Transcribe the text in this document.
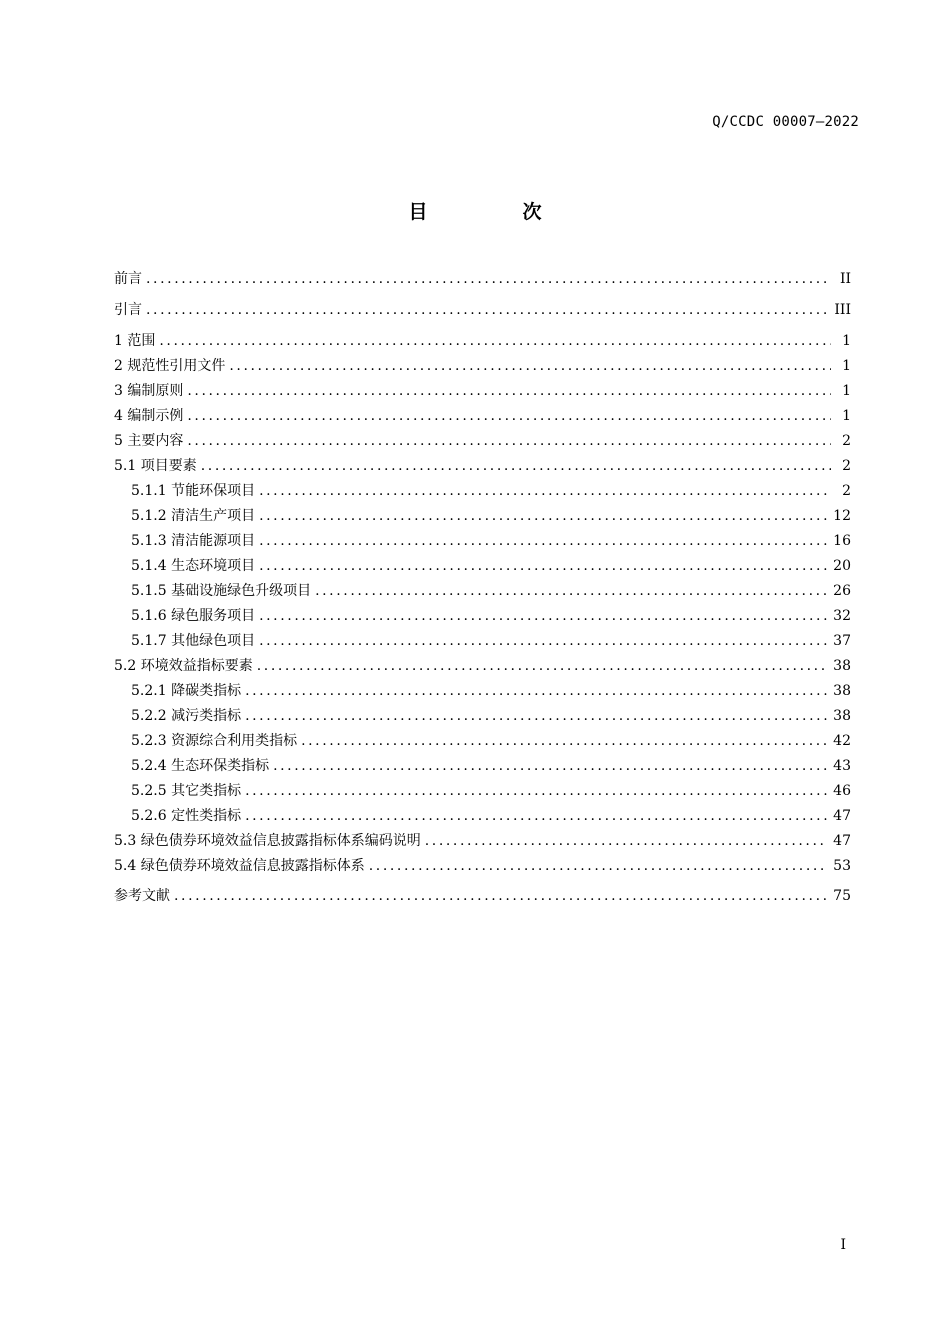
Q/CCDC 00007—2022
目　次
前言 .....	II
引言 .....	III
1 范围 .....	1
2 规范性引用文件 .....	1
3 编制原则 .....	1
4 编制示例 .....	1
5 主要内容 .....	2
5.1 项目要素 .....	2
5.1.1 节能环保项目 .....	2
5.1.2 清洁生产项目 .....	12
5.1.3 清洁能源项目 .....	16
5.1.4 生态环境项目 .....	20
5.1.5 基础设施绿色升级项目 .....	26
5.1.6 绿色服务项目 .....	32
5.1.7 其他绿色项目 .....	37
5.2 环境效益指标要素 .....	38
5.2.1 降碳类指标 .....	38
5.2.2 减污类指标 .....	38
5.2.3 资源综合利用类指标 .....	42
5.2.4 生态环保类指标 .....	43
5.2.5 其它类指标 .....	46
5.2.6 定性类指标 .....	47
5.3 绿色债券环境效益信息披露指标体系编码说明 .....	47
5.4 绿色债券环境效益信息披露指标体系 .....	53
参考文献 .....	75
I
